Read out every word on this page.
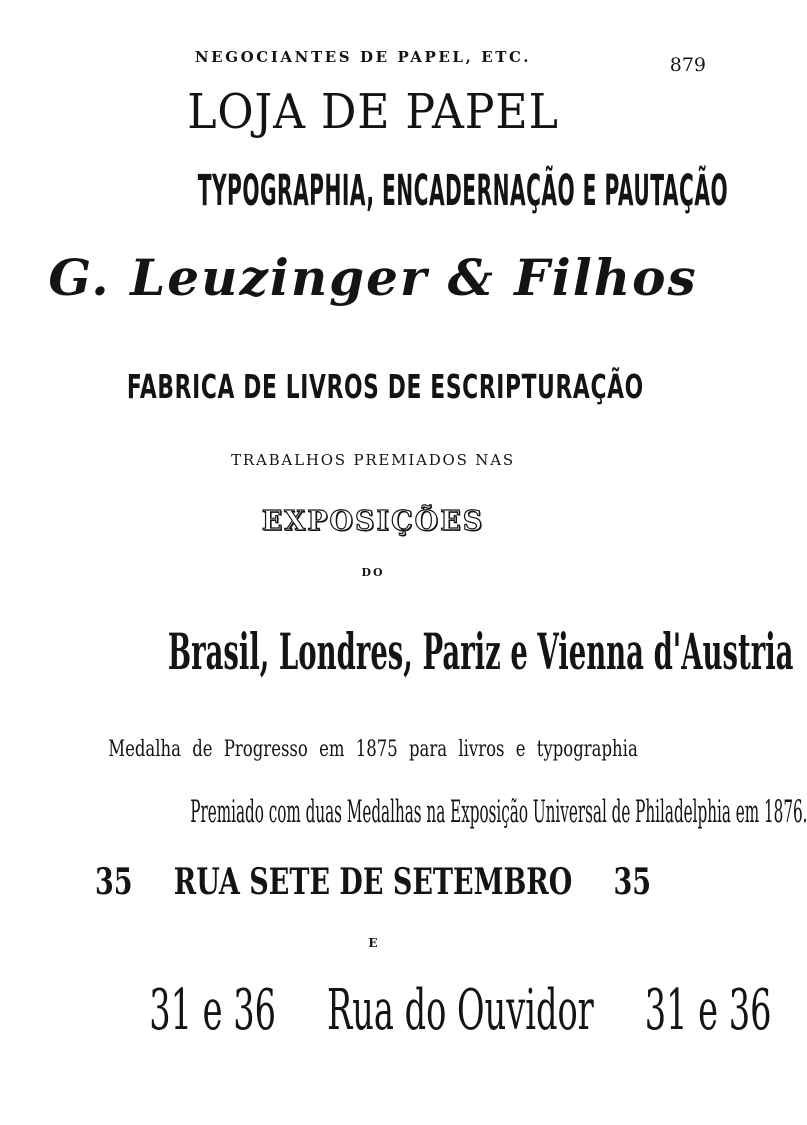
NEGOCIANTES DE PAPEL, ETC.	879
LOJA DE PAPEL
TYPOGRAPHIA, ENCADERNAÇÃO E PAUTAÇÃO
G. Leuzinger & Filhos
FABRICA DE LIVROS DE ESCRIPTURAÇÃO
TRABALHOS PREMIADOS NAS
EXPOSIÇÕES
DO
Brasil, Londres, Pariz e Vienna d'Austria
Medalha de Progresso em 1875 para livros e typographia
Premiado com duas Medalhas na Exposição Universal de Philadelphia em 1876.
35 RUA SETE DE SETEMBRO 35
E
31 e 36 Rua do Ouvidor 31 e 36
